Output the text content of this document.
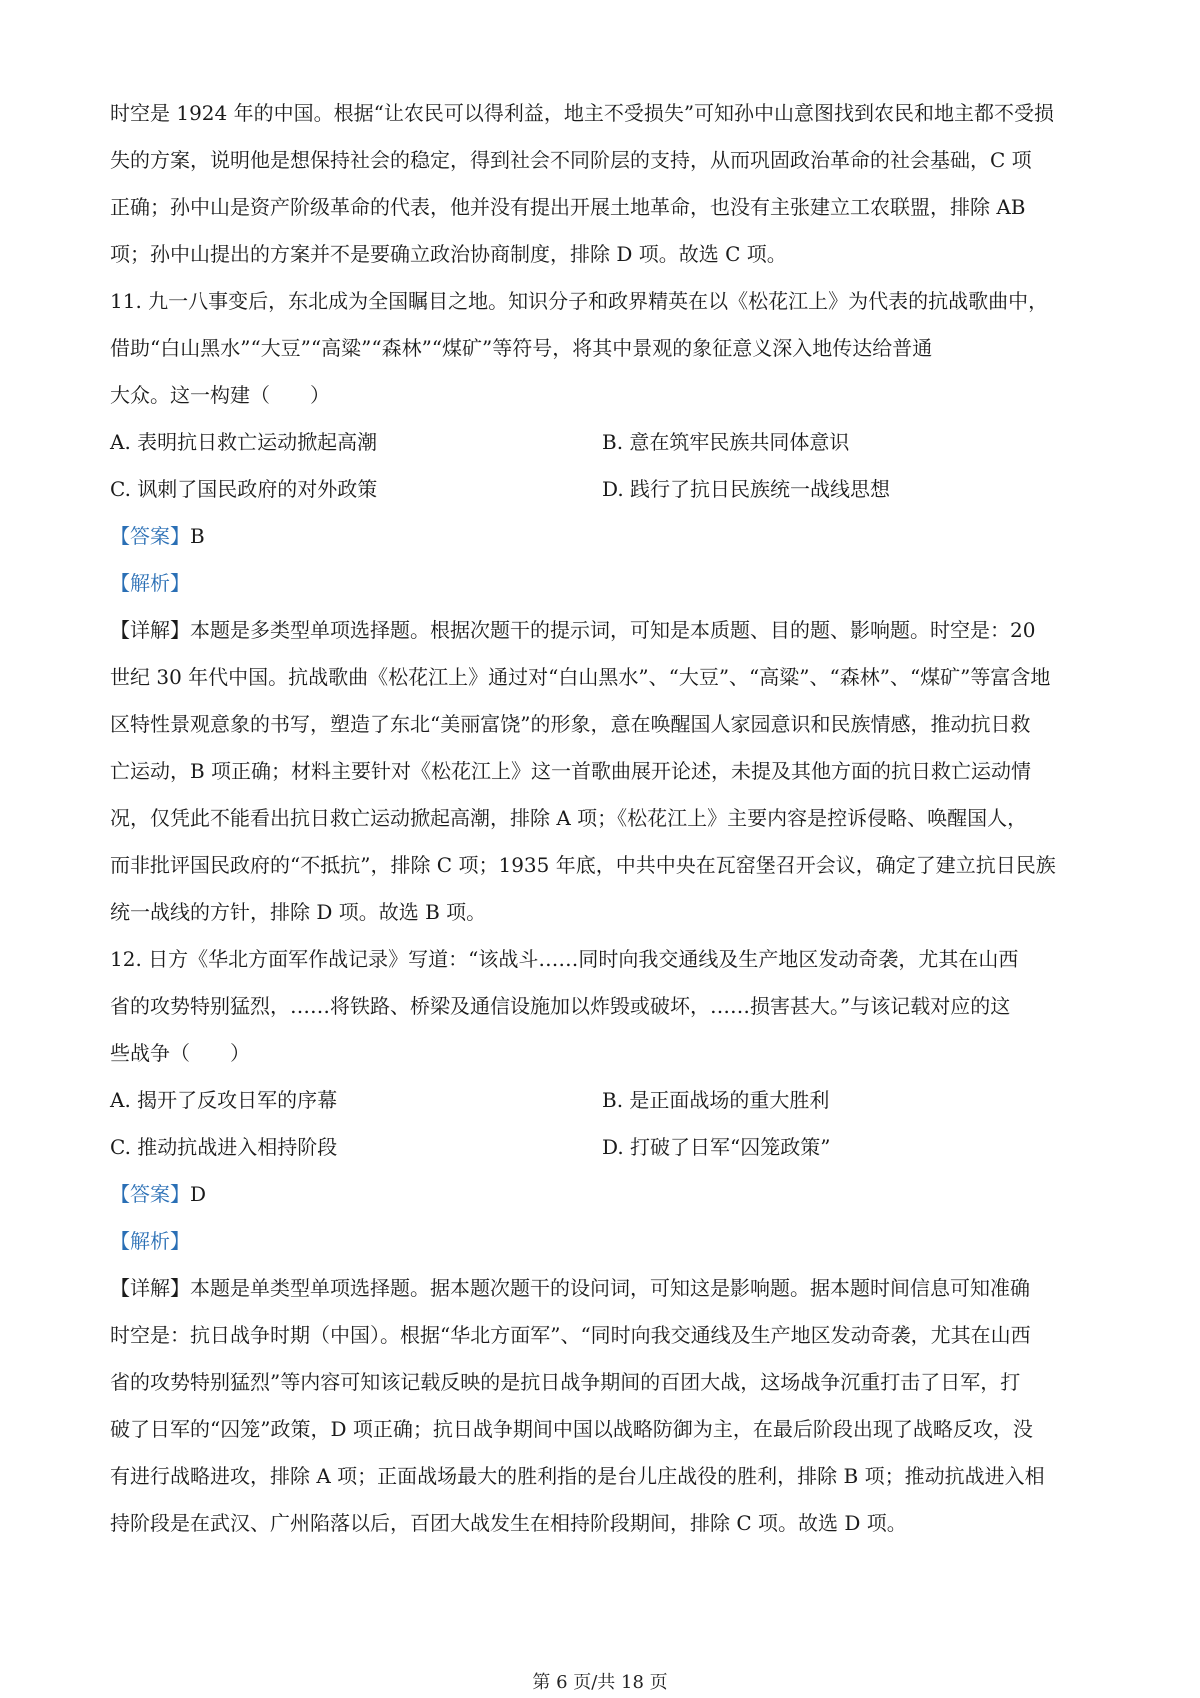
时空是 1924 年的中国。根据“让农民可以得利益，地主不受损失”可知孙中山意图找到农民和地主都不受损
失的方案，说明他是想保持社会的稳定，得到社会不同阶层的支持，从而巩固政治革命的社会基础，C 项
正确；孙中山是资产阶级革命的代表，他并没有提出开展土地革命，也没有主张建立工农联盟，排除 AB
项；孙中山提出的方案并不是要确立政治协商制度，排除 D 项。故选 C 项。
11. 九一八事变后，东北成为全国瞩目之地。知识分子和政界精英在以《松花江上》为代表的抗战歌曲中，
借助“白山黑水”“大豆”“高粱”“森林”“煤矿”等符号，将其中景观的象征意义深入地传达给普通
大众。这一构建（　　）
A. 表明抗日救亡运动掀起高潮	B. 意在筑牢民族共同体意识
C. 讽刺了国民政府的对外政策	D. 践行了抗日民族统一战线思想
【答案】B
【解析】
【详解】本题是多类型单项选择题。根据次题干的提示词，可知是本质题、目的题、影响题。时空是：20
世纪 30 年代中国。抗战歌曲《松花江上》通过对“白山黑水”、“大豆”、“高粱”、“森林”、“煤矿”等富含地
区特性景观意象的书写，塑造了东北“美丽富饶”的形象，意在唤醒国人家园意识和民族情感，推动抗日救
亡运动，B 项正确；材料主要针对《松花江上》这一首歌曲展开论述，未提及其他方面的抗日救亡运动情
况，仅凭此不能看出抗日救亡运动掀起高潮，排除 A 项；《松花江上》主要内容是控诉侵略、唤醒国人，
而非批评国民政府的“不抵抗”，排除 C 项；1935 年底，中共中央在瓦窑堡召开会议，确定了建立抗日民族
统一战线的方针，排除 D 项。故选 B 项。
12. 日方《华北方面军作战记录》写道：“该战斗……同时向我交通线及生产地区发动奇袭，尤其在山西
省的攻势特别猛烈，……将铁路、桥梁及通信设施加以炸毁或破坏，……损害甚大。”与该记载对应的这
些战争（　　）
A. 揭开了反攻日军的序幕	B. 是正面战场的重大胜利
C. 推动抗战进入相持阶段	D. 打破了日军“囚笼政策”
【答案】D
【解析】
【详解】本题是单类型单项选择题。据本题次题干的设问词，可知这是影响题。据本题时间信息可知准确
时空是：抗日战争时期（中国）。根据“华北方面军”、“同时向我交通线及生产地区发动奇袭，尤其在山西
省的攻势特别猛烈”等内容可知该记载反映的是抗日战争期间的百团大战，这场战争沉重打击了日军，打
破了日军的“囚笼”政策，D 项正确；抗日战争期间中国以战略防御为主，在最后阶段出现了战略反攻，没
有进行战略进攻，排除 A 项；正面战场最大的胜利指的是台儿庄战役的胜利，排除 B 项；推动抗战进入相
持阶段是在武汉、广州陷落以后，百团大战发生在相持阶段期间，排除 C 项。故选 D 项。
第 6 页/共 18 页
